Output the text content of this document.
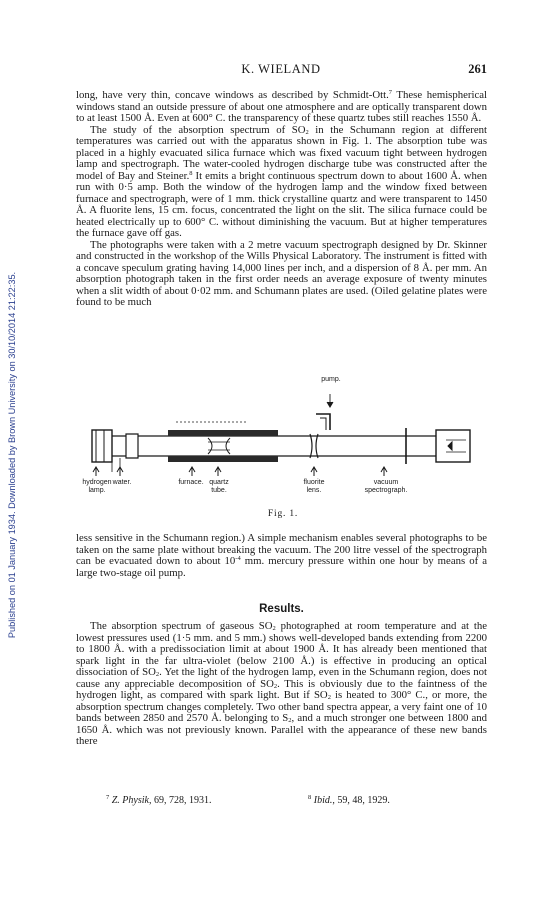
Published on 01 January 1934. Downloaded by Brown University on 30/10/2014 21:22:35.
K. WIELAND	261

long, have very thin, concave windows as described by Schmidt-Ott.$^7$ These hemispherical windows stand an outside pressure of about one atmosphere and are optically transparent down to at least 1500 Å. Even at 600° C. the transparency of these quartz tubes still reaches 1550 Å.

The study of the absorption spectrum of $SO_2$ in the Schumann region at different temperatures was carried out with the apparatus shown in Fig. 1. The absorption tube was placed in a highly evacuated silica furnace which was fixed vacuum tight between hydrogen lamp and spectrograph. The water-cooled hydrogen discharge tube was constructed after the model of Bay and Steiner.$^8$ It emits a bright continuous spectrum down to about 1600 Å. when run with 0·5 amp. Both the window of the hydrogen lamp and the window fixed between furnace and spectrograph, were of 1 mm. thick crystalline quartz and were transparent to 1450 Å. A fluorite lens, 15 cm. focus, concentrated the light on the slit. The silica furnace could be heated electrically up to 600° C. without diminishing the vacuum. But at higher temperatures the furnace gave off gas.

The photographs were taken with a 2 metre vacuum spectrograph designed by Dr. Skinner and constructed in the workshop of the Wills Physical Laboratory. The instrument is fitted with a concave speculum grating having 14,000 lines per inch, and a dispersion of 8 Å. per mm. An absorption photograph taken in the first order needs an average exposure of twenty minutes when a slit width of about 0·02 mm. and Schumann plates are used. (Oiled gelatine plates were found to be much

pump.
hydrogen
lamp.
water.	furnace. quartz
tube.
fluorite
lens.
vacuum
spectrograph.
Fig. 1.

less sensitive in the Schumann region.) A simple mechanism enables several photographs to be taken on the same plate without breaking the vacuum. The 200 litre vessel of the spectrograph can be evacuated down to about $10^{-4}$ mm. mercury pressure within one hour by means of a large two-stage oil pump.

Results.

The absorption spectrum of gaseous $SO_2$ photographed at room temperature and at the lowest pressures used (1·5 mm. and 5 mm.) shows well-developed bands extending from 2200 to 1800 Å. with a predissociation limit at about 1900 Å. It has already been mentioned that spark light in the far ultra-violet (below 2100 Å.) is effective in producing an optical dissociation of $SO_2$. Yet the light of the hydrogen lamp, even in the Schumann region, does not cause any appreciable decomposition of $SO_2$. This is obviously due to the faintness of the hydrogen light, as compared with spark light. But if $SO_2$ is heated to 300° C., or more, the absorption spectrum changes completely. Two other band spectra appear, a very faint one of 10 bands between 2850 and 2570 Å. belonging to $S_2$, and a much stronger one between 1800 and 1650 Å. which was not previously known. Parallel with the appearance of these new bands there

$^7$ Z. Physik, 69, 728, 1931.	$^8$ Ibid., 59, 48, 1929.
